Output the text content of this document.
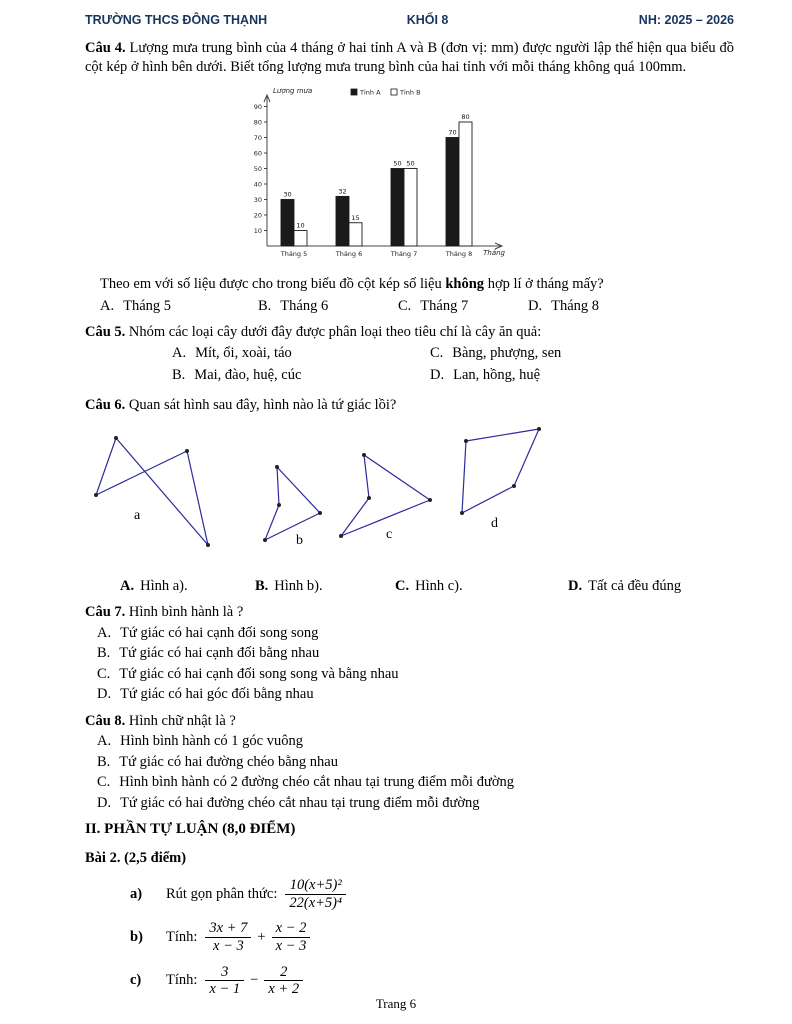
TRƯỜNG THCS ĐÔNG THẠNH	KHỐI 8	NH: 2025 – 2026

Câu 4. Lượng mưa trung bình của 4 tháng ở hai tỉnh A và B (đơn vị: mm) được người lập thể hiện qua biểu đồ cột kép ở hình bên dưới. Biết tổng lượng mưa trung bình của hai tỉnh với mỗi tháng không quá 100mm.

10
20
30
40
50
60
70
80
90
Lượng mưa
Tháng
Tỉnh A	Tỉnh B
30
10
Tháng 5
32
15
Tháng 6
50 50
Tháng 7
70
80
Tháng 8

Theo em với số liệu được cho trong biểu đồ cột kép số liệu không hợp lí ở tháng mấy?

A. Tháng 5	B. Tháng 6	C. Tháng 7	D. Tháng 8

Câu 5. Nhóm các loại cây dưới đây được phân loại theo tiêu chí là cây ăn quả:

A. Mít, ổi, xoài, táo	C. Bàng, phượng, sen
B. Mai, đào, huệ, cúc	D. Lan, hồng, huệ

Câu 6. Quan sát hình sau đây, hình nào là tứ giác lồi?

a
b	c
d
A. Hình a).	B. Hình b).	C. Hình c).	D. Tất cả đều đúng

Câu 7. Hình bình hành là ?

A. Tứ giác có hai cạnh đối song song

B. Tứ giác có hai cạnh đối bằng nhau

C. Tứ giác có hai cạnh đối song song và bằng nhau

D. Tứ giác có hai góc đối bằng nhau

Câu 8. Hình chữ nhật là ?

A. Hình bình hành có 1 góc vuông

B. Tứ giác có hai đường chéo bằng nhau

C. Hình bình hành có 2 đường chéo cắt nhau tại trung điểm mỗi đường

D. Tứ giác có hai đường chéo cắt nhau tại trung điểm mỗi đường

II. PHẦN TỰ LUẬN (8,0 ĐIỂM)

Bài 2. (2,5 điểm)

a)	Rút gọn phân thức: $\frac{\text{10(x+5)²}}{\text{22(x+5)⁴}}$
b)	Tính: $\frac{3x + 7}{x - 3} + \frac{x - 2}{x - 3}$
c)	Tính: $\frac{3}{x - 1} - \frac{2}{x + 2}$
Trang 6
